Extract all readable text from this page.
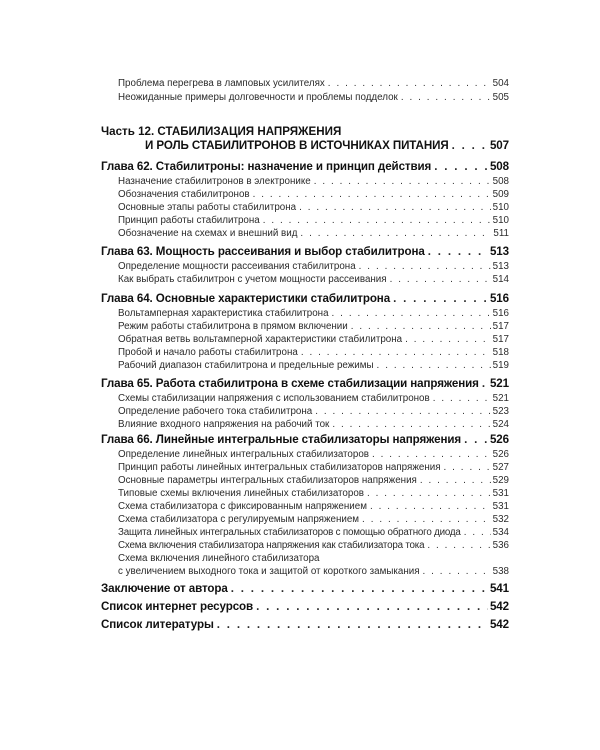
Проблема перегрева в ламповых усилителях . . .	504
Неожиданные примеры долговечности и проблемы подделок . . .	505
Часть 12. СТАБИЛИЗАЦИЯ НАПРЯЖЕНИЯ
И РОЛЬ СТАБИЛИТРОНОВ В ИСТОЧНИКАХ ПИТАНИЯ . . .	507
Глава 62. Стабилитроны: назначение и принцип действия . . .	508
Назначение стабилитронов в электронике . . .	508
Обозначения стабилитронов . . .	509
Основные этапы работы стабилитрона . . .	510
Принцип работы стабилитрона . . .	510
Обозначение на схемах и внешний вид . . .	511
Глава 63. Мощность рассеивания и выбор стабилитрона . . .	513
Определение мощности рассеивания стабилитрона . . .	513
Как выбрать стабилитрон с учетом мощности рассеивания . . .	514
Глава 64. Основные характеристики стабилитрона . . .	516
Вольтамперная характеристика стабилитрона . . .	516
Режим работы стабилитрона в прямом включении . . .	517
Обратная ветвь вольтамперной характеристики стабилитрона . . .	517
Пробой и начало работы стабилитрона . . .	518
Рабочий диапазон стабилитрона и предельные режимы . . .	519
Глава 65. Работа стабилитрона в схеме стабилизации напряжения . . . 521
Схемы стабилизации напряжения с использованием стабилитронов . . .	521
Определение рабочего тока стабилитрона . . .	523
Влияние входного напряжения на рабочий ток . . .	524
Глава 66. Линейные интегральные стабилизаторы напряжения . . . 526
Определение линейных интегральных стабилизаторов . . .	526
Принцип работы линейных интегральных стабилизаторов напряжения . . .	527
Основные параметры интегральных стабилизаторов напряжения . . .	529
Типовые схемы включения линейных стабилизаторов . . .	531
Схема стабилизатора с фиксированным напряжением . . .	531
Схема стабилизатора с регулируемым напряжением . . .	532
Защита линейных интегральных стабилизаторов с помощью обратного диода . . .	534
Схема включения стабилизатора напряжения как стабилизатора тока . . .	536
Схема включения линейного стабилизатора
с увеличением выходного тока и защитой от короткого замыкания . . .	538
Заключение от автора . . .	541
Список интернет ресурсов . . .	542
Список литературы . . .	542
